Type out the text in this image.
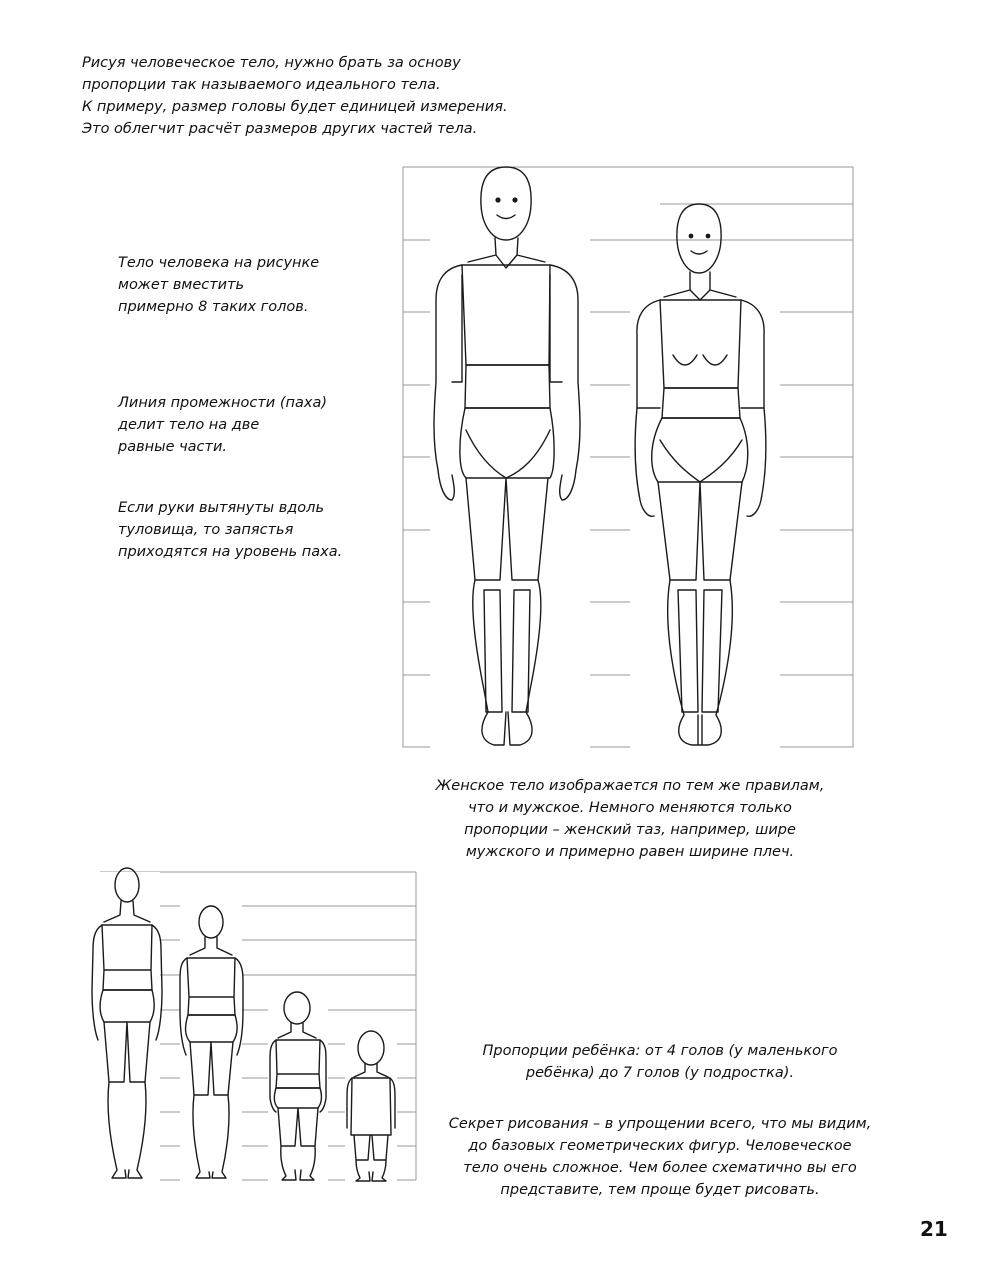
Рисуя человеческое тело, нужно брать за основу
пропорции так называемого идеального тела.
К примеру, размер головы будет единицей измерения.
Это облегчит расчёт размеров других частей тела.
Тело человека на рисунке
может вместить
примерно 8 таких голов.
Линия промежности (паха)
делит тело на две
равные части.
Если руки вытянуты вдоль
туловища, то запястья
приходятся на уровень паха.
Женское тело изображается по тем же правилам,
что и мужское. Немного меняются только
пропорции – женский таз, например, шире
мужского и примерно равен ширине плеч.
Пропорции ребёнка: от 4 голов (у маленького
ребёнка) до 7 голов (у подростка).
Секрет рисования – в упрощении всего, что мы видим,
до базовых геометрических фигур. Человеческое
тело очень сложное. Чем более схематично вы его
представите, тем проще будет рисовать.
21
